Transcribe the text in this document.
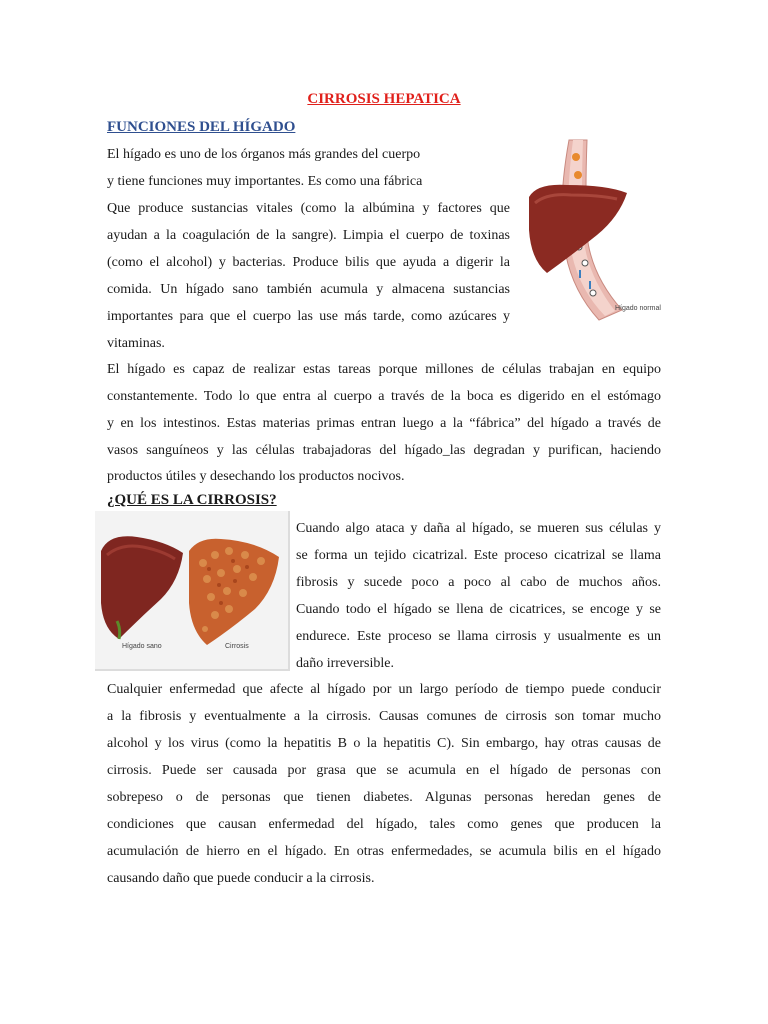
CIRROSIS HEPATICA
FUNCIONES DEL HÍGADO
El hígado es uno de los órganos más grandes del cuerpo
y tiene funciones muy importantes. Es como una fábrica
Que produce sustancias vitales (como la albúmina y factores que
ayudan a la coagulación de la sangre). Limpia el cuerpo de toxinas
(como el alcohol) y bacterias. Produce bilis que ayuda a digerir la
comida. Un hígado sano también acumula y almacena sustancias
importantes para que el cuerpo las use más tarde, como azúcares y
vitaminas.
El hígado es capaz de realizar estas tareas porque millones de células trabajan en equipo
constantemente. Todo lo que entra al cuerpo a través de la boca es digerido en el estómago
y en los intestinos. Estas materias primas entran luego a la “fábrica” del hígado a través de
vasos sanguíneos y las células trabajadoras del hígado_las degradan y purifican, haciendo
productos útiles y desechando los productos nocivos.
Hígado normal
¿QUÉ ES LA CIRROSIS?
Hígado sano	Cirrosis
Cuando algo ataca y daña al hígado, se mueren sus células y
se forma un tejido cicatrizal. Este proceso cicatrizal se llama
fibrosis y sucede poco a poco al cabo de muchos años.
Cuando todo el hígado se llena de cicatrices, se encoge y se
endurece. Este proceso se llama cirrosis y usualmente es un
daño irreversible.
Cualquier enfermedad que afecte al hígado por un largo período de tiempo puede conducir
a la fibrosis y eventualmente a la cirrosis. Causas comunes de cirrosis son tomar mucho
alcohol y los virus (como la hepatitis B o la hepatitis C). Sin embargo, hay otras causas de
cirrosis. Puede ser causada por grasa que se acumula en el hígado de personas con
sobrepeso o de personas que tienen diabetes. Algunas personas heredan genes de
condiciones que causan enfermedad del hígado, tales como genes que producen la
acumulación de hierro en el hígado. En otras enfermedades, se acumula bilis en el hígado
causando daño que puede conducir a la cirrosis.
